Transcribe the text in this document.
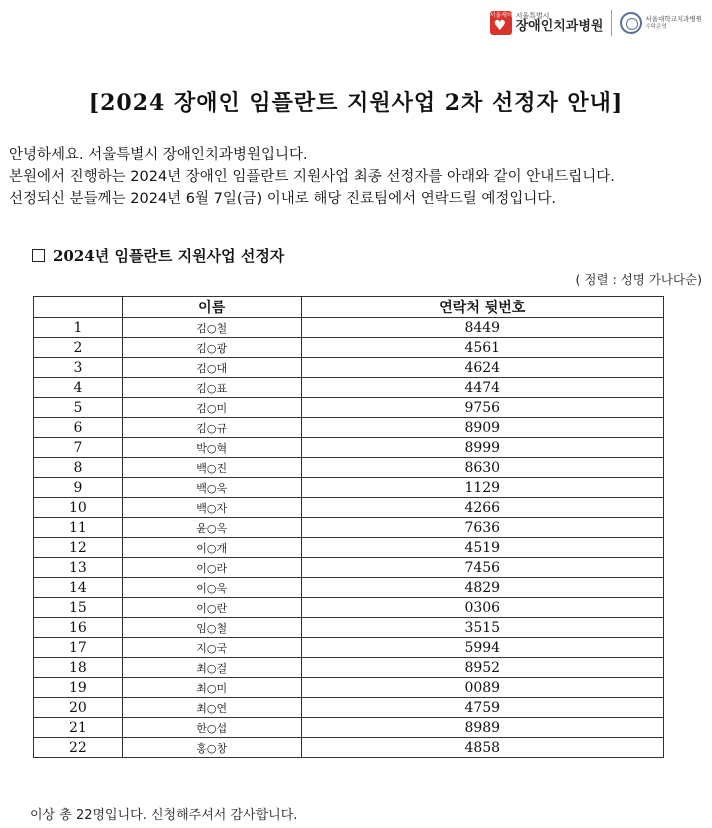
서울케어
♥
서울특별시
장애인치과병원
서울대학교치과병원
수탁운영
[2024 장애인 임플란트 지원사업 2차 선정자 안내]
안녕하세요. 서울특별시 장애인치과병원입니다.
본원에서 진행하는 2024년 장애인 임플란트 지원사업 최종 선정자를 아래와 같이 안내드립니다.
선정되신 분들께는 2024년 6월 7일(금) 이내로 해당 진료팀에서 연락드릴 예정입니다.
2024년 임플란트 지원사업 선정자
( 정렬 : 성명 가나다순)
	이름	연락처 뒷번호
1	김○철	8449
2	김○광	4561
3	김○대	4624
4	김○표	4474
5	김○미	9756
6	김○규	8909
7	박○혁	8999
8	백○진	8630
9	백○욱	1129
10	백○자	4266
11	윤○옥	7636
12	이○개	4519
13	이○라	7456
14	이○욱	4829
15	이○란	0306
16	임○철	3515
17	지○국	5994
18	최○걸	8952
19	최○미	0089
20	최○연	4759
21	한○섭	8989
22	홍○창	4858
이상 총 22명입니다. 신청해주셔서 감사합니다.
